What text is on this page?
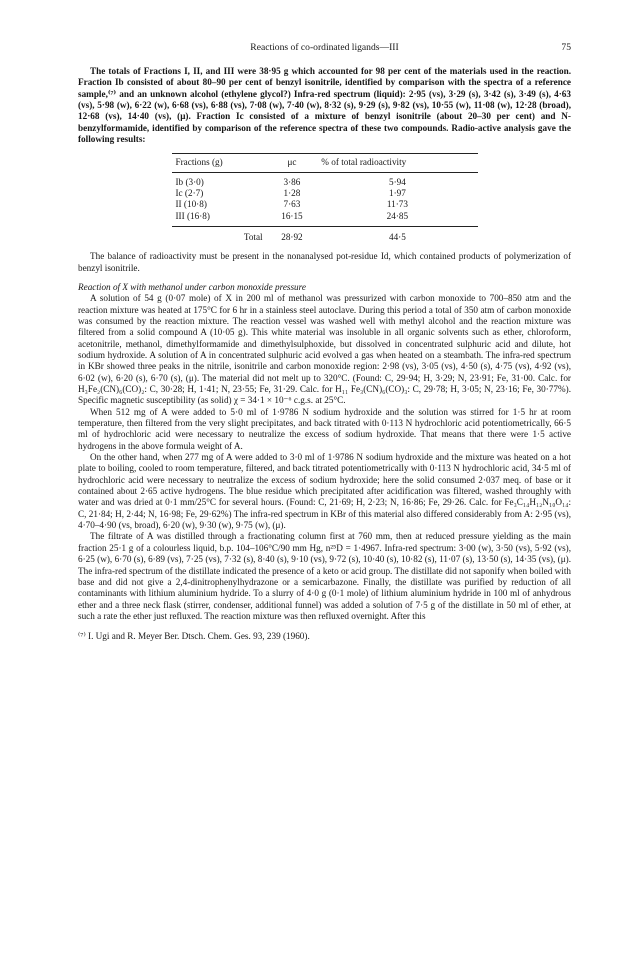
Reactions of co-ordinated ligands—III	75

The totals of Fractions I, II, and III were 38·95 g which accounted for 98 per cent of the materials used in the reaction. Fraction Ib consisted of about 80–90 per cent of benzyl isonitrile, identified by comparison with the spectra of a reference sample,⁽⁷⁾ and an unknown alcohol (ethylene glycol?) Infra-red spectrum (liquid): 2·95 (vs), 3·29 (s), 3·42 (s), 3·49 (s), 4·63 (vs), 5·98 (w), 6·22 (w), 6·68 (vs), 6·88 (vs), 7·08 (w), 7·40 (w), 8·32 (s), 9·29 (s), 9·82 (vs), 10·55 (w), 11·08 (w), 12·28 (broad), 12·68 (vs), 14·40 (vs), (μ). Fraction Ic consisted of a mixture of benzyl isonitrile (about 20–30 per cent) and N-benzylformamide, identified by comparison of the reference spectra of these two compounds. Radio-active analysis gave the following results:

Fractions (g)	μc	% of total radioactivity
Ib (3·0)	3·86	5·94
Ic (2·7)	1·28	1·97
II (10·8)	7·63	11·73
III (16·8)	16·15	24·85
Total	28·92	44·5

The balance of radioactivity must be present in the nonanalysed pot-residue Id, which contained products of polymerization of benzyl isonitrile.

Reaction of X with methanol under carbon monoxide pressure

A solution of 54 g (0·07 mole) of X in 200 ml of methanol was pressurized with carbon monoxide to 700–850 atm and the reaction mixture was heated at 175°C for 6 hr in a stainless steel autoclave. During this period a total of 350 atm of carbon monoxide was consumed by the reaction mixture. The reaction vessel was washed well with methyl alcohol and the reaction mixture was filtered from a solid compound A (10·05 g). This white material was insoluble in all organic solvents such as ether, chloroform, acetonitrile, methanol, dimethylformamide and dimethylsulphoxide, but dissolved in concentrated sulphuric acid and dilute, hot sodium hydroxide. A solution of A in concentrated sulphuric acid evolved a gas when heated on a steambath. The infra-red spectrum in KBr showed three peaks in the nitrile, isonitrile and carbon monoxide region: 2·98 (vs), 3·05 (vs), 4·50 (s), 4·75 (vs), 4·92 (vs), 6·02 (w), 6·20 (s), 6·70 (s), (μ). The material did not melt up to 320°C. (Found: C, 29·94; H, 3·29; N, 23·91; Fe, 31·00. Calc. for H₃Fe₂(CN)₆(CO)₂: C, 30·28; H, 1·41; N, 23·55; Fe, 31·29. Calc. for H₁₁ Fe₃(CN)₆(CO)₃: C, 29·78; H, 3·05; N, 23·16; Fe, 30·77%). Specific magnetic susceptibility (as solid) χ = 34·1 × 10⁻⁶ c.g.s. at 25°C.

When 512 mg of A were added to 5·0 ml of 1·9786 N sodium hydroxide and the solution was stirred for 1·5 hr at room temperature, then filtered from the very slight precipitates, and back titrated with 0·113 N hydrochloric acid potentiometrically, 66·5 ml of hydrochloric acid were necessary to neutralize the excess of sodium hydroxide. That means that there were 1·5 active hydrogens in the above formula weight of A.

On the other hand, when 277 mg of A were added to 3·0 ml of 1·9786 N sodium hydroxide and the mixture was heated on a hot plate to boiling, cooled to room temperature, filtered, and back titrated potentiometrically with 0·113 N hydrochloric acid, 34·5 ml of hydrochloric acid were necessary to neutralize the excess of sodium hydroxide; here the solid consumed 2·037 meq. of base or it contained about 2·65 active hydrogens. The blue residue which precipitated after acidification was filtered, washed throughly with water and was dried at 0·1 mm/25°C for several hours. (Found: C, 21·69; H, 2·23; N, 16·86; Fe, 29·26. Calc. for Fe₃C₁₄H₁₂N₁₀O₁₄: C, 21·84; H, 2·44; N, 16·98; Fe, 29·62%) The infra-red spectrum in KBr of this material also differed considerably from A: 2·95 (vs), 4·70–4·90 (vs, broad), 6·20 (w), 9·30 (w), 9·75 (w), (μ).

The filtrate of A was distilled through a fractionating column first at 760 mm, then at reduced pressure yielding as the main fraction 25·1 g of a colourless liquid, b.p. 104–106°C/90 mm Hg, n²⁵D = 1·4967. Infra-red spectrum: 3·00 (w), 3·50 (vs), 5·92 (vs), 6·25 (w), 6·70 (s), 6·89 (vs), 7·25 (vs), 7·32 (s), 8·40 (s), 9·10 (vs), 9·72 (s), 10·40 (s), 10·82 (s), 11·07 (s), 13·50 (s), 14·35 (vs), (μ). The infra-red spectrum of the distillate indicated the presence of a keto or acid group. The distillate did not saponify when boiled with base and did not give a 2,4-dinitrophenylhydrazone or a semicarbazone. Finally, the distillate was purified by reduction of all contaminants with lithium aluminium hydride. To a slurry of 4·0 g (0·1 mole) of lithium aluminium hydride in 100 ml of anhydrous ether and a three neck flask (stirrer, condenser, additional funnel) was added a solution of 7·5 g of the distillate in 50 ml of ether, at such a rate the ether just refluxed. The reaction mixture was then refluxed overnight. After this

⁽⁷⁾ I. Ugi and R. Meyer Ber. Dtsch. Chem. Ges. 93, 239 (1960).
